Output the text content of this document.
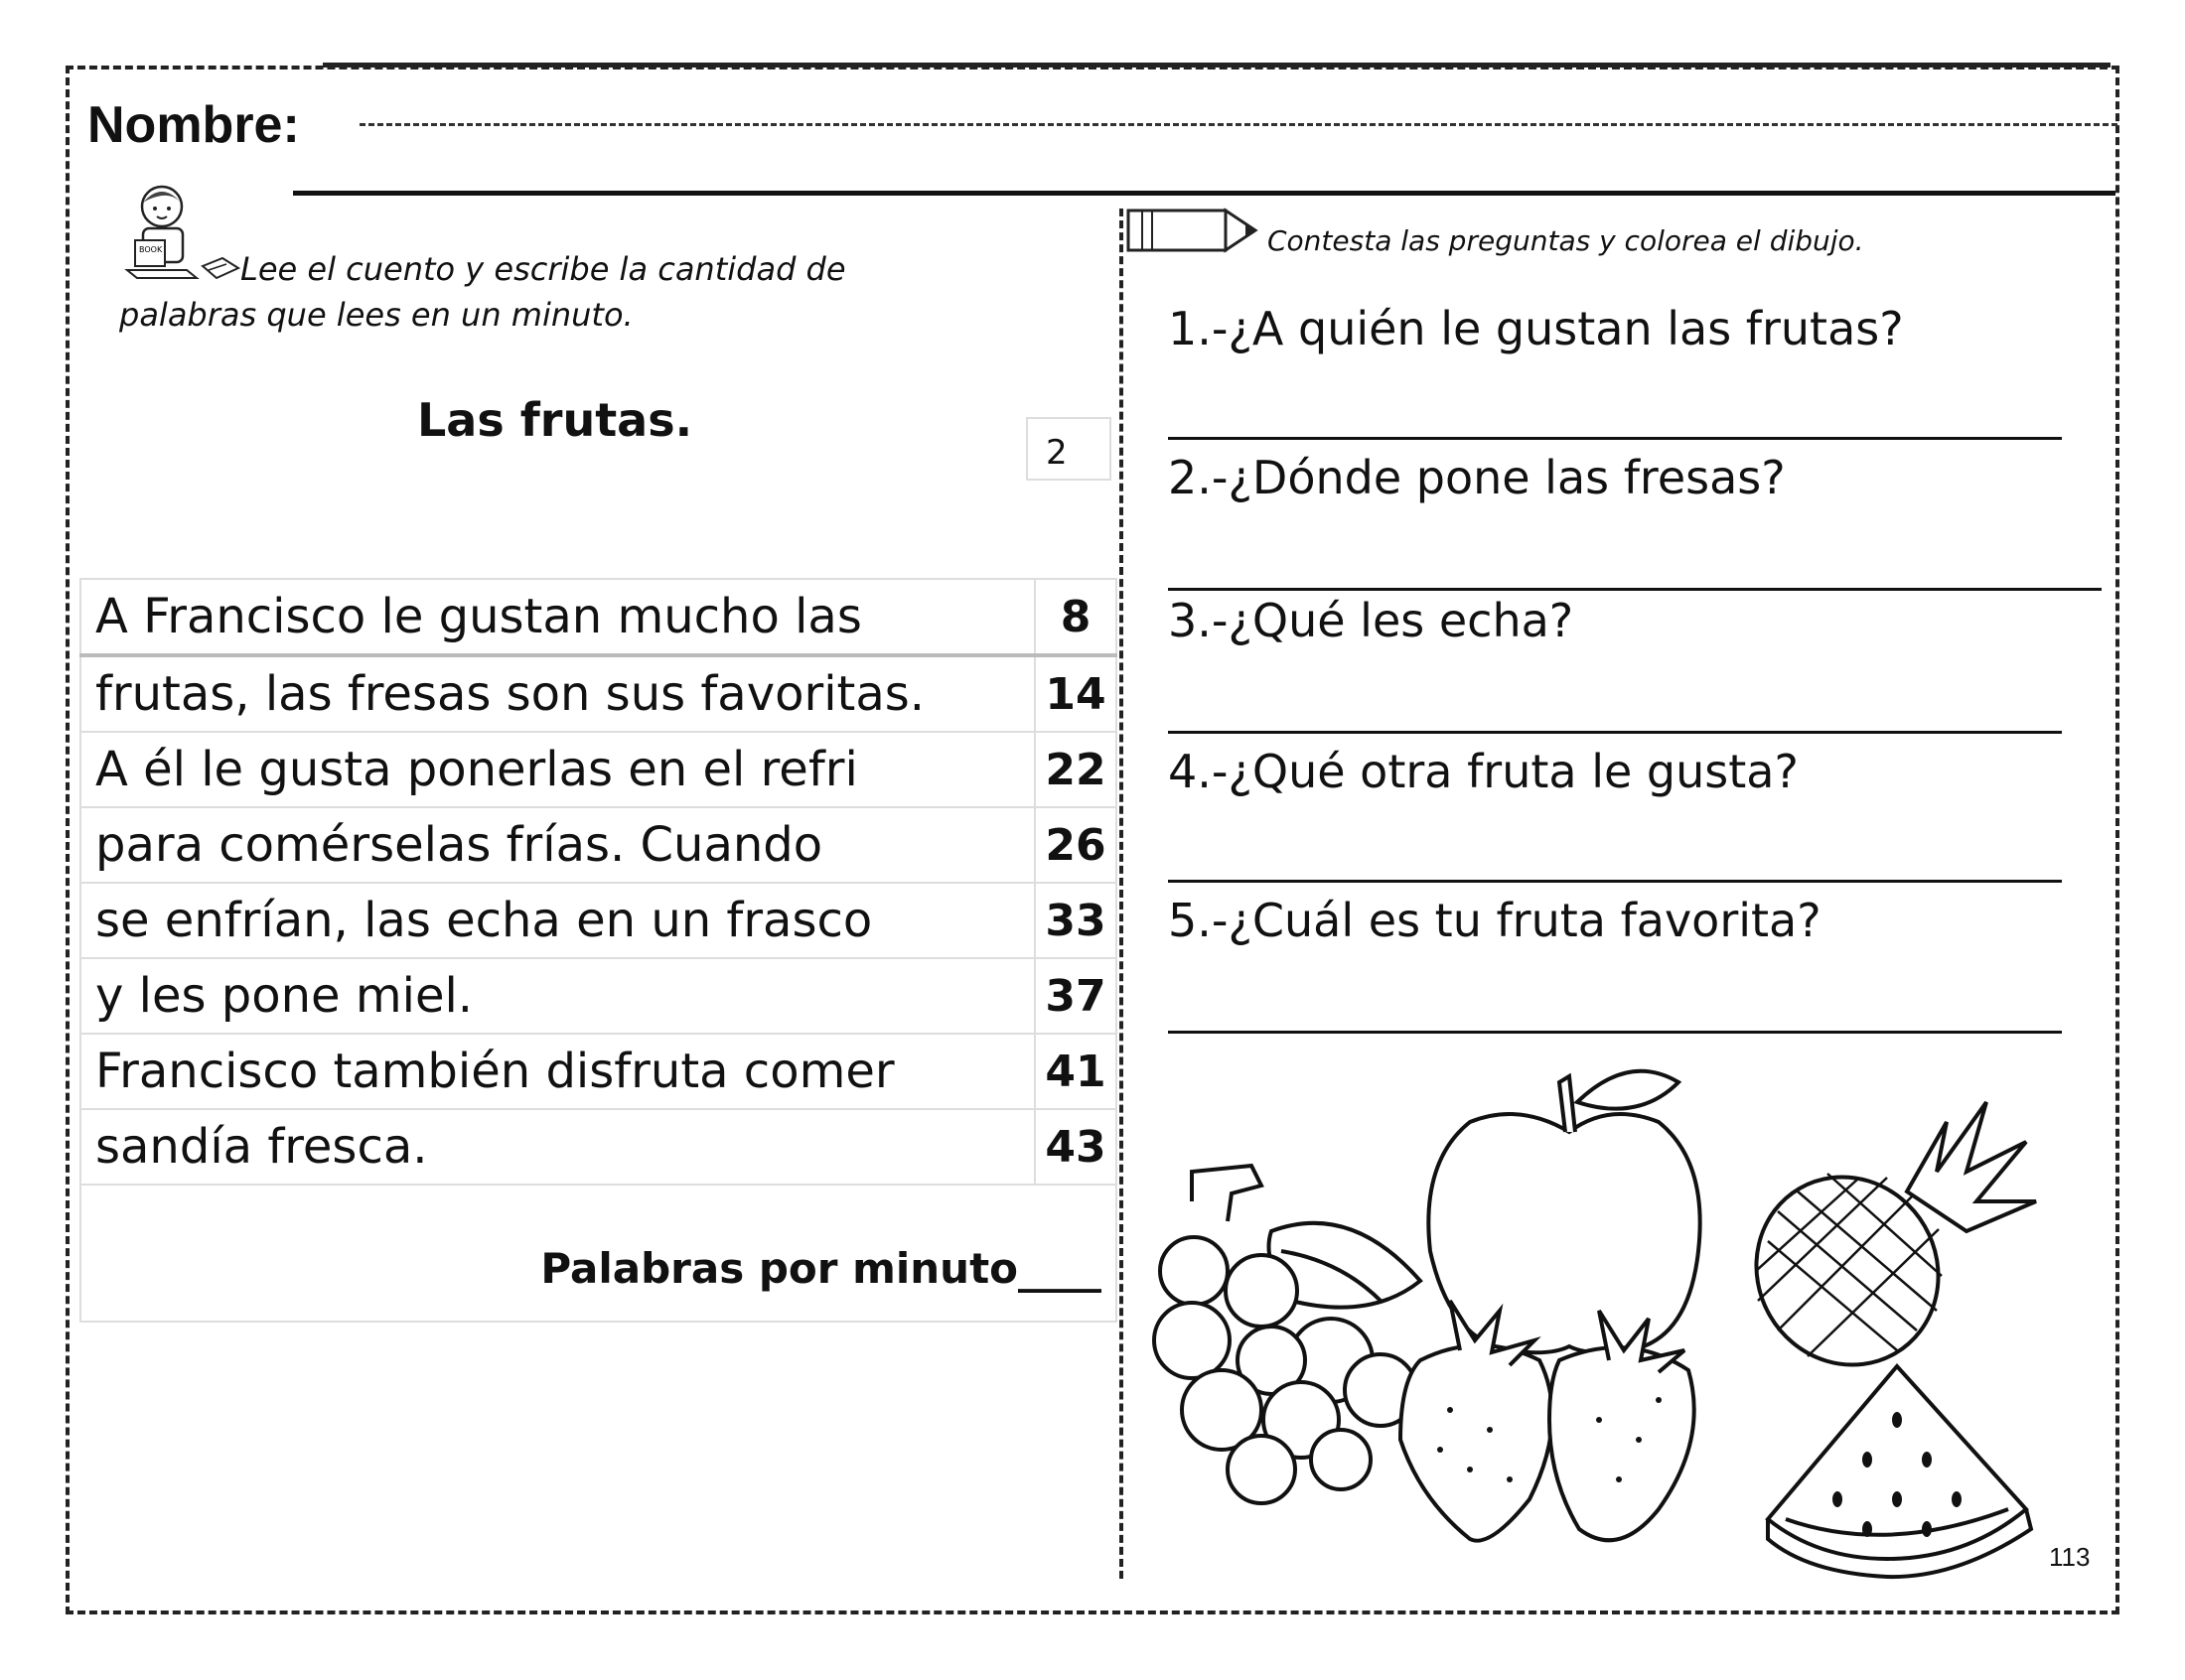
Nombre:
BOOK
Lee el cuento y escribe la cantidad de
palabras que lees en un minuto.
Las frutas.
2
A Francisco le gustan mucho las	8
frutas, las fresas son sus favoritas.	14
A él le gusta ponerlas en el refri	22
para comérselas frías. Cuando	26
se enfrían, las echa en un frasco	33
y les pone miel.	37
Francisco también disfruta comer	41
sandía fresca.	43
Palabras por minuto____	
Contesta las preguntas y colorea el dibujo.
1.-¿A quién le gustan las frutas?
2.-¿Dónde pone las fresas?
3.-¿Qué les echa?
4.-¿Qué otra fruta le gusta?
5.-¿Cuál es tu fruta favorita?
113
